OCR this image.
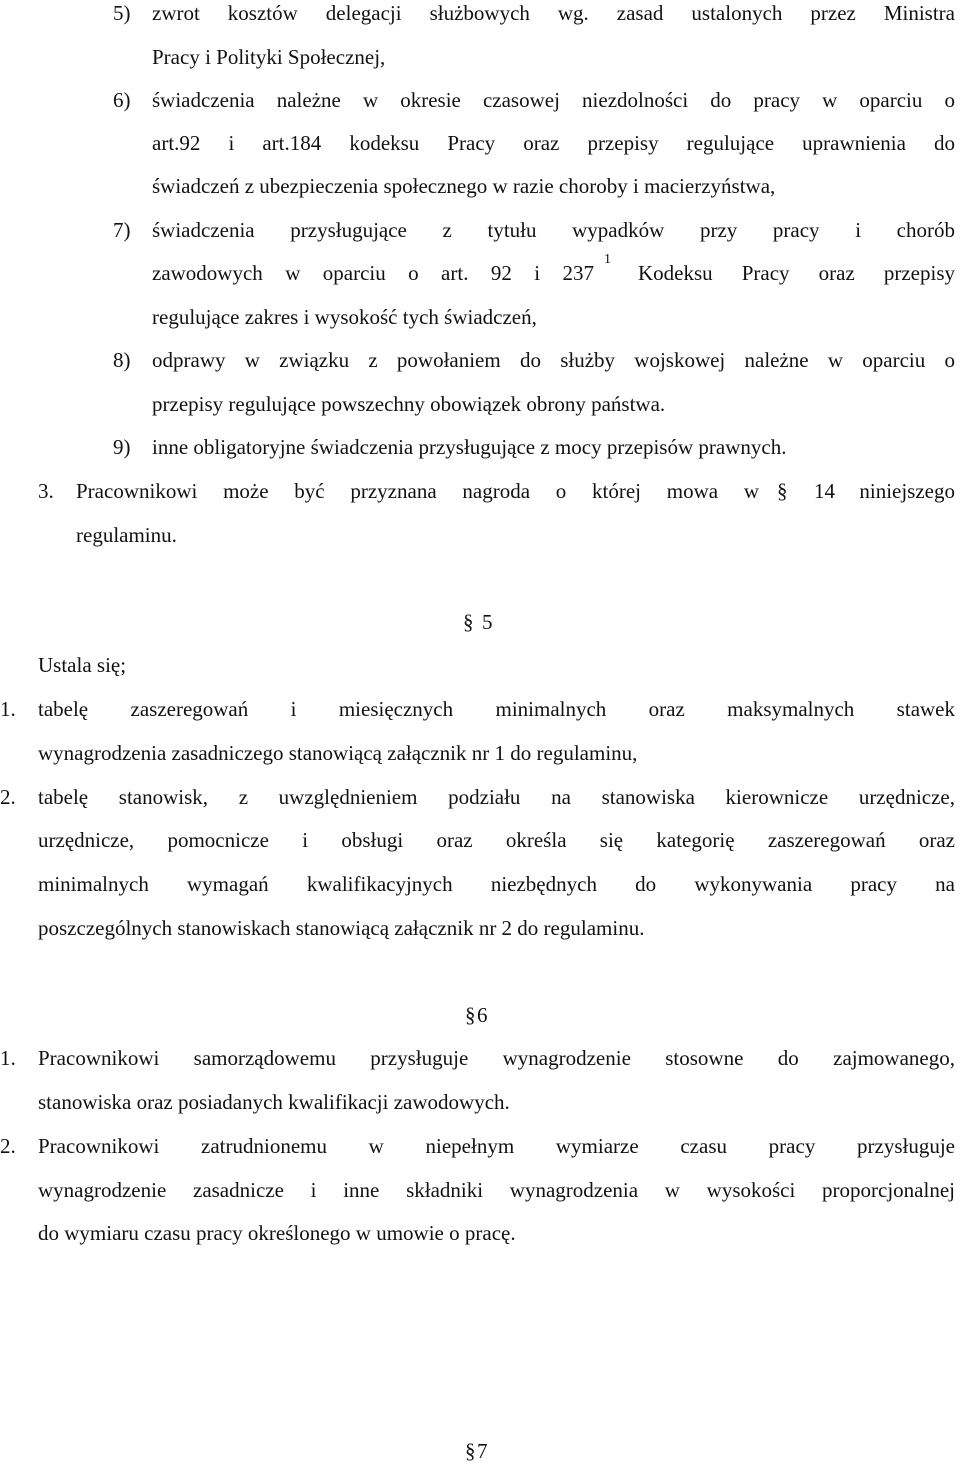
5) zwrot kosztów delegacji służbowych wg. zasad ustalonych przez Ministra
Pracy i Polityki Społecznej,
6) świadczenia należne w okresie czasowej niezdolności do pracy w oparciu o
art.92 i art.184 kodeksu Pracy oraz przepisy regulujące uprawnienia do
świadczeń z ubezpieczenia społecznego w razie choroby i macierzyństwa,
7) świadczenia przysługujące z tytułu wypadków przy pracy i chorób
zawodowych w oparciu o art. 92 i 237
1
Kodeksu Pracy oraz przepisy
regulujące zakres i wysokość tych świadczeń,
8) odprawy w związku z powołaniem do służby wojskowej należne w oparciu o
przepisy regulujące powszechny obowiązek obrony państwa.
9) inne obligatoryjne świadczenia przysługujące z mocy przepisów prawnych.
3. Pracownikowi może być przyznana nagroda o której mowa w § 14 niniejszego
regulaminu.
§ 5
Ustala się;
1. tabelę zaszeregowań i miesięcznych minimalnych oraz maksymalnych stawek
wynagrodzenia zasadniczego stanowiącą załącznik nr 1 do regulaminu,
2. tabelę stanowisk, z uwzględnieniem podziału na stanowiska kierownicze urzędnicze,
urzędnicze, pomocnicze i obsługi oraz określa się kategorię zaszeregowań oraz
minimalnych wymagań kwalifikacyjnych niezbędnych do wykonywania pracy na
poszczególnych stanowiskach stanowiącą załącznik nr 2 do regulaminu.
§ 6
1. Pracownikowi samorządowemu przysługuje wynagrodzenie stosowne do zajmowanego,
stanowiska oraz posiadanych kwalifikacji zawodowych.
2. Pracownikowi zatrudnionemu w niepełnym wymiarze czasu pracy przysługuje
wynagrodzenie zasadnicze i inne składniki wynagrodzenia w wysokości proporcjonalnej
do wymiaru czasu pracy określonego w umowie o pracę.
§ 7
